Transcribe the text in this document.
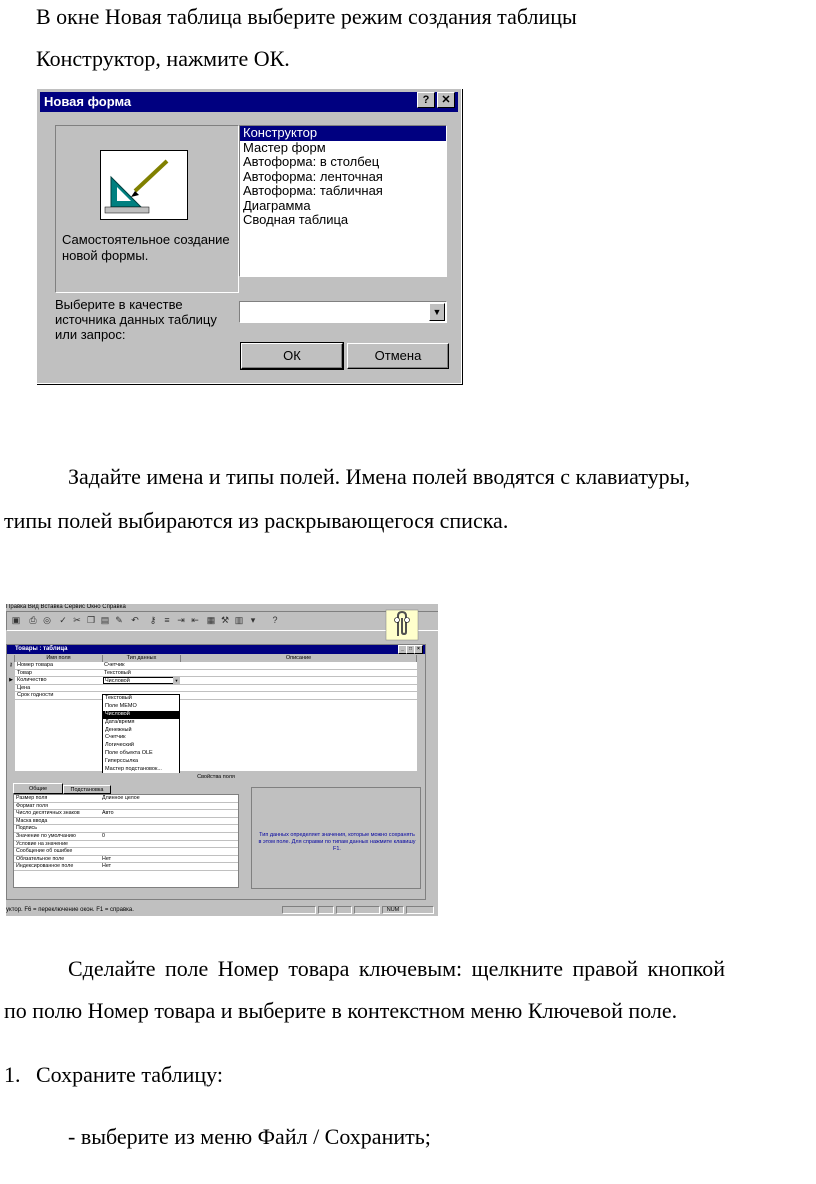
В окне Новая таблица выберите режим создания таблицы
Конструктор, нажмите ОК.
Новая форма	?	✕
Самостоятельное создание
новой формы.
Конструктор
Мастер форм
Автоформа: в столбец
Автоформа: ленточная
Автоформа: табличная
Диаграмма
Сводная таблица
Выберите в качестве
источника данных таблицу
или запрос:
▼
ОК	Отмена
Задайте имена и типы полей. Имена полей вводятся с клавиатуры,
типы полей выбираются из раскрывающегося списка.
Правка Вид Вставка Сервис Окно Справка
▣ ⎙ ◎ ✓ ✂ ❐ ▤ ✎ ↶	⚷ ≡ ⇥ ⇤ ▦ ⚒ ▥ ▾	?
Товары : таблица	_	□	×
Имя поля	Тип данных	Описание
⚷ Номер товара	Счетчик
Товар	Текстовый
▶ Количество	Числовой	▼
Цена
Срок годности	Текстовый
Поле MEMO
Числовой
Дата/время
Денежный
Счетчик
Логический
Поле объекта OLE
Гиперссылка
Мастер подстановок...
Свойства поля
Общие	Подстановка
Размер поля	Длинное целое
Формат поля
Число десятичных знаков	Авто
Маска ввода
Подпись
Значение по умолчанию	0
Условие на значение
Сообщение об ошибке
Обязательное поле	Нет
Индексированное поле	Нет
Тип данных определяет значения, которые можно сохранять в этом поле. Для справки по типам данных нажмите клавишу F1.
уктор. F6 = переключение окон. F1 = справка.	NUM
Сделайте поле Номер товара ключевым: щелкните правой кнопкой
по полю Номер товара и выберите в контекстном меню Ключевой поле.
1. Сохраните таблицу:
- выберите из меню Файл / Сохранить;
